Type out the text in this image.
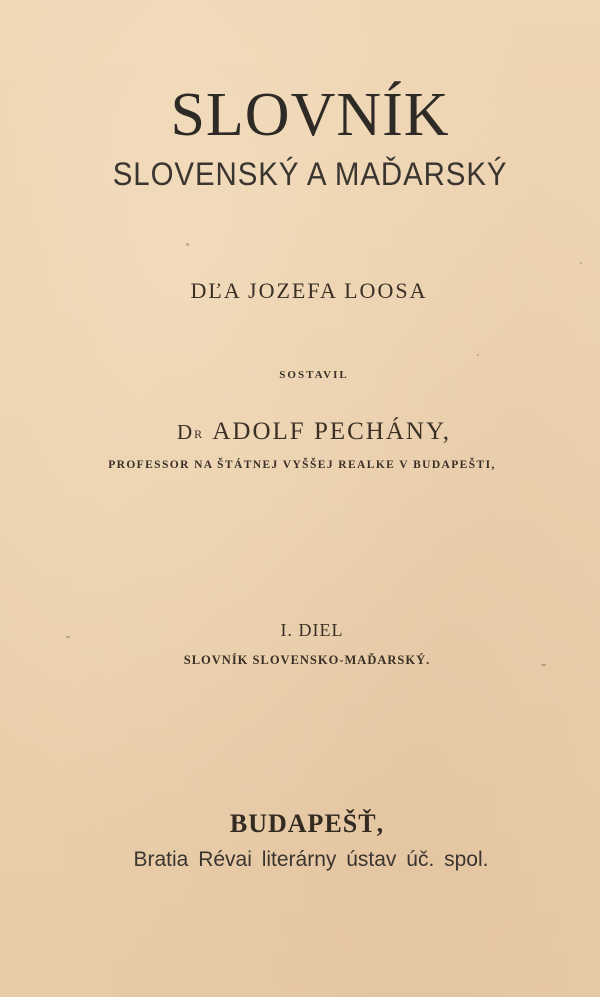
SLOVNÍK
SLOVENSKÝ A MAĎARSKÝ
DĽA JOZEFA LOOSA
SOSTAVIL
DR ADOLF PECHÁNY,
PROFESSOR NA ŠTÁTNEJ VYŠŠEJ REALKE V BUDAPEŠTI,
I. DIEL
SLOVNÍK SLOVENSKO-MAĎARSKÝ.
BUDAPEŠŤ,
Bratia Révai literárny ústav úč. spol.
